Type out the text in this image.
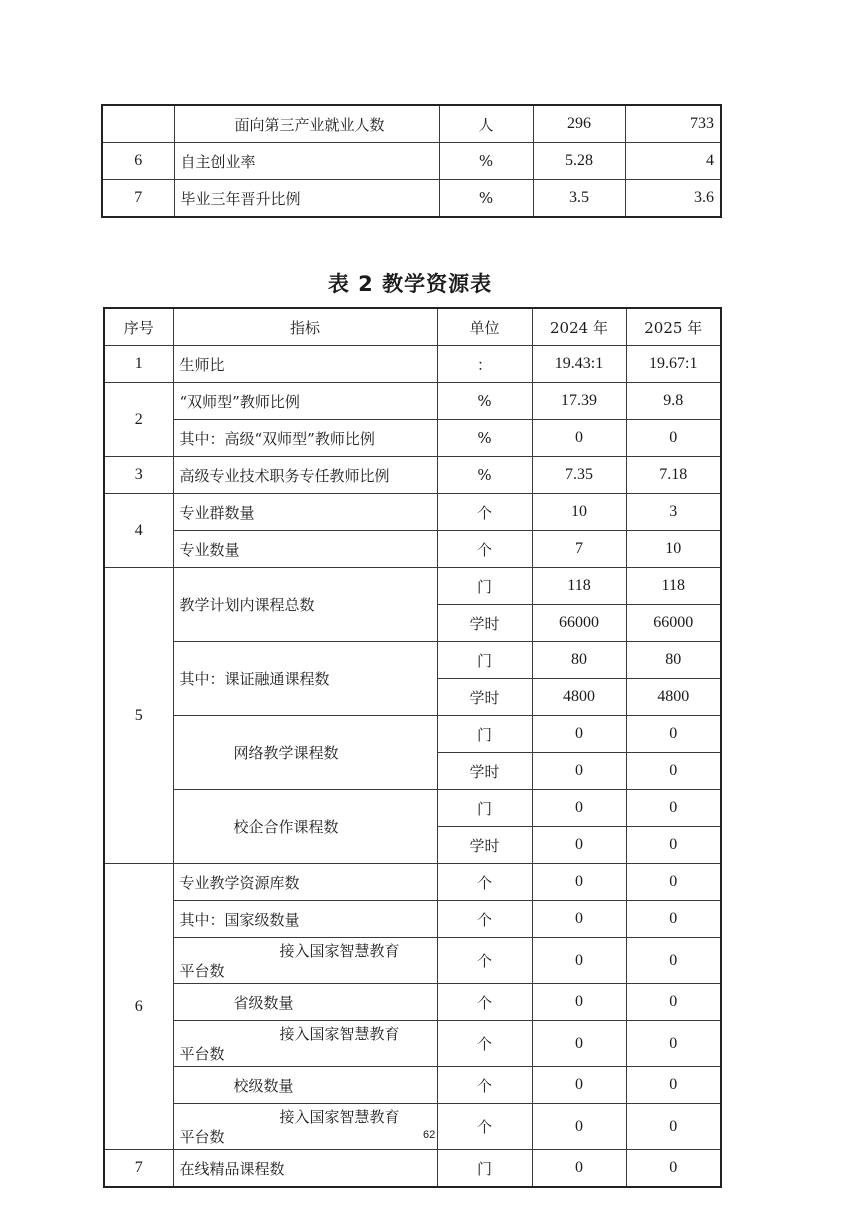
	面向第三产业就业人数	人	296	733
6	自主创业率	%	5.28	4
7	毕业三年晋升比例	%	3.5	3.6
表 2 教学资源表
序号	指标	单位	2024 年	2025 年
1	生师比	：	19.43:1	19.67:1
2	“双师型”教师比例	%	17.39	9.8
	其中：高级“双师型”教师比例	%	0	0
3	高级专业技术职务专任教师比例	%	7.35	7.18
4	专业群数量	个	10	3
	专业数量	个	7	10
5	教学计划内课程总数	门	118	118
		学时	66000	66000
	其中：课证融通课程数	门	80	80
		学时	4800	4800
	网络教学课程数	门	0	0
		学时	0	0
	校企合作课程数	门	0	0
		学时	0	0
6	专业教学资源库数	个	0	0
	其中：国家级数量	个	0	0

	接入国家智慧教育
平台数	个	0	0
	省级数量	个	0	0

	接入国家智慧教育
平台数	个	0	0
	校级数量	个	0	0

	接入国家智慧教育
平台数	个	0	0
7	在线精品课程数	门	0	0
62
